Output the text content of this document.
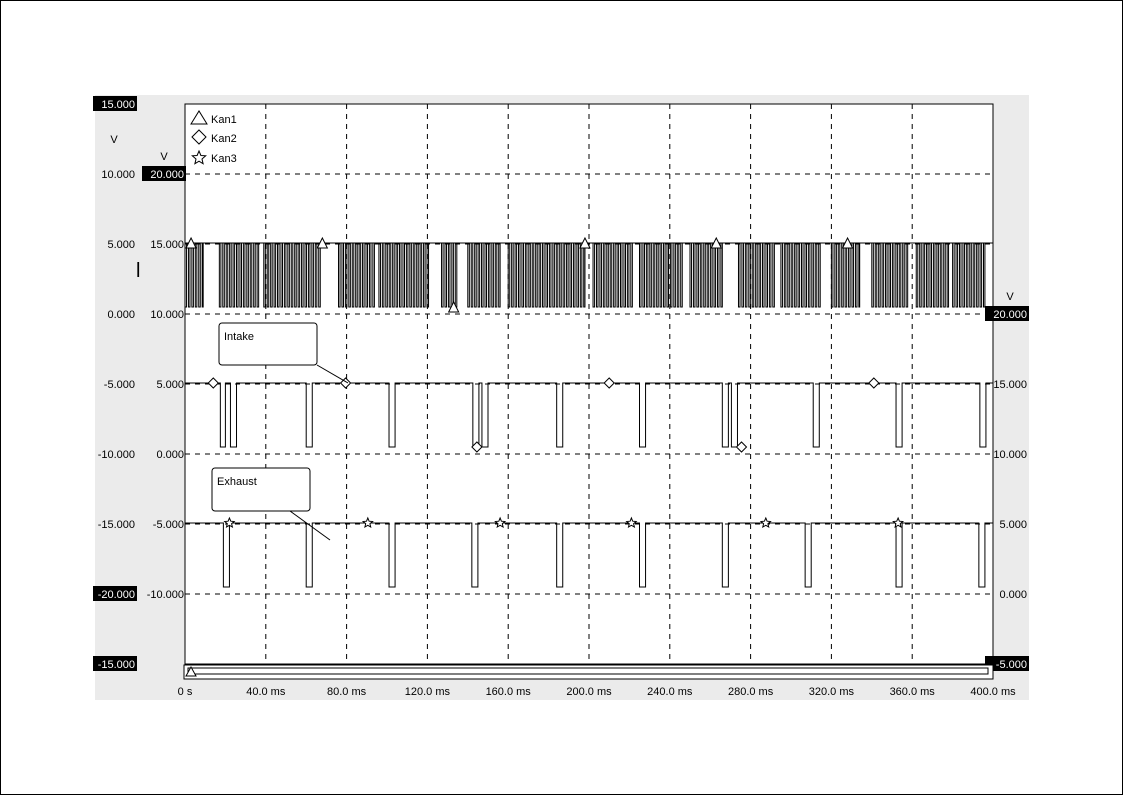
0 s	40.0 ms	80.0 ms	120.0 ms	160.0 ms	200.0 ms	240.0 ms	280.0 ms	320.0 ms	360.0 ms	400.0 ms
15.000
10.000
5.000
0.000
-5.000
-10.000
-15.000
-20.000
-15.000
20.000
15.000
10.000
5.000
0.000
-5.000
-10.000
20.000
15.000
10.000
5.000
0.000
-5.000
V
V
V
Kan1
Kan2
Kan3
Intake
Exhaust
l
